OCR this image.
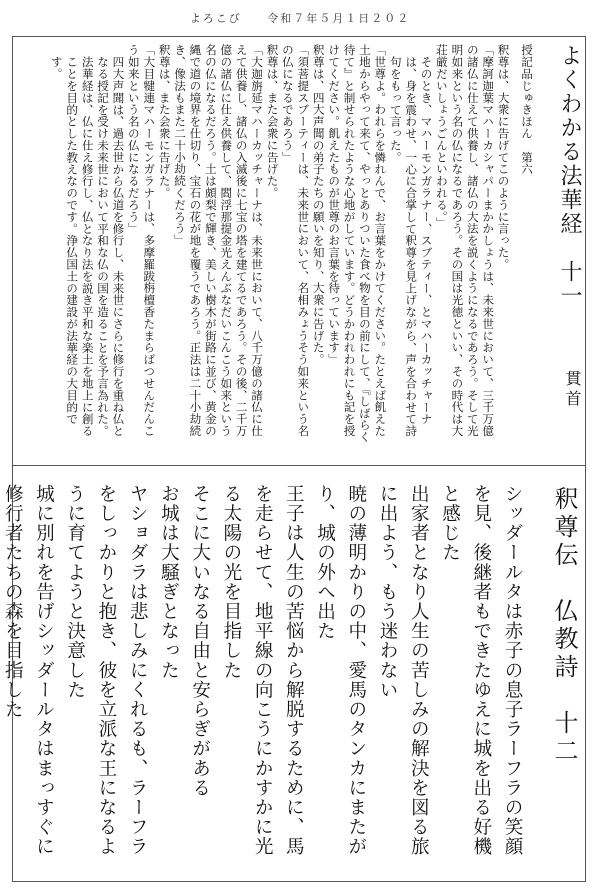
よろこび 令和７年５月１日２０２
よくわかる法華経　十一
貫首

授記品じゅきほん　第六

釈尊は、大衆に告げてこのように言った。

「摩訶迦葉マハーカシャパーまかかしょうは、未来世において、三千万億の諸仏に仕えて供養し、諸仏の大法を説くようになるであろう。そして光明如来という名の仏になるであろう。その国は光徳といい、その時代は大荘厳だいしょうごんといわれる。」

そのとき、マハーモンガラナー、スブティー、とマハーカッチャーナは、身を震わせ、一心に合掌して釈尊を見上げながら、声を合わせて詩句をもって言った。

「世尊よ。われらを憐れんで、お言葉をかけてください。たとえば飢えた土地からやって来て、やっとありついた食べ物を目の前にして、『しばらく待て』と制せられたような心地がしています。どうかわれわれにも記を授けてください。飢えたものが世尊のお言葉を待っています」

釈尊は、四大声聞の弟子たちの願いを知り、大衆に告げた。

「須菩提スブーティーは、未来世において、名相みょうそう如来という名の仏になるであろう」

釈尊は、また会衆に告げた。

「大迦旃延マハーカッチャーナは、未来世において、八千万億の諸仏に仕えて供養し、諸仏の入滅後に七宝の塔を建てるであろう。その後、二千万億の諸仏に仕え供養して、閻浮那提金光えんぶなだいこんこう如来という名の仏になるだろう。土は頗梨で輝き、美しい樹木が街路に並び、黄金の縄で道の境界を仕切り、宝石の花が地を覆うであろう。正法は二十小劫続き、像法もまた二十小劫続くだろう」

釈尊は、また会衆に告げた。

「大目犍連マハーモンガラナーは、多摩羅跋栴檀香たまらばつせんだんこう如来という名の仏になるだろう」

四大声聞は、過去世から仏道を修行し、未来世にさらに修行を重ね仏となる授記を受け未来世において平和な仏の国を造ることを予言為れた。法華経は、仏に仕え修行し、仏となり法を説き平和な楽土を地上に創ることを目的とした教えなのです。浄仏国土の建設が法華経の大目的です。

釈尊伝　仏教詩　十二

シッダールタは赤子の息子ラーフラの笑顔を見、後継者もできたゆえに城を出る好機と感じた

出家者となり人生の苦しみの解決を図る旅に出よう、もう迷わない

暁の薄明かりの中、愛馬のタンカにまたがり、城の外へ出た

王子は人生の苦悩から解脱するために、馬を走らせて、地平線の向こうにかすかに光る太陽の光を目指した

そこに大いなる自由と安らぎがある

お城は大騒ぎとなった

ヤショダラは悲しみにくれるも、ラーフラをしっかりと抱き、彼を立派な王になるように育てようと決意した

城に別れを告げシッダールタはまっすぐに修行者たちの森を目指した
